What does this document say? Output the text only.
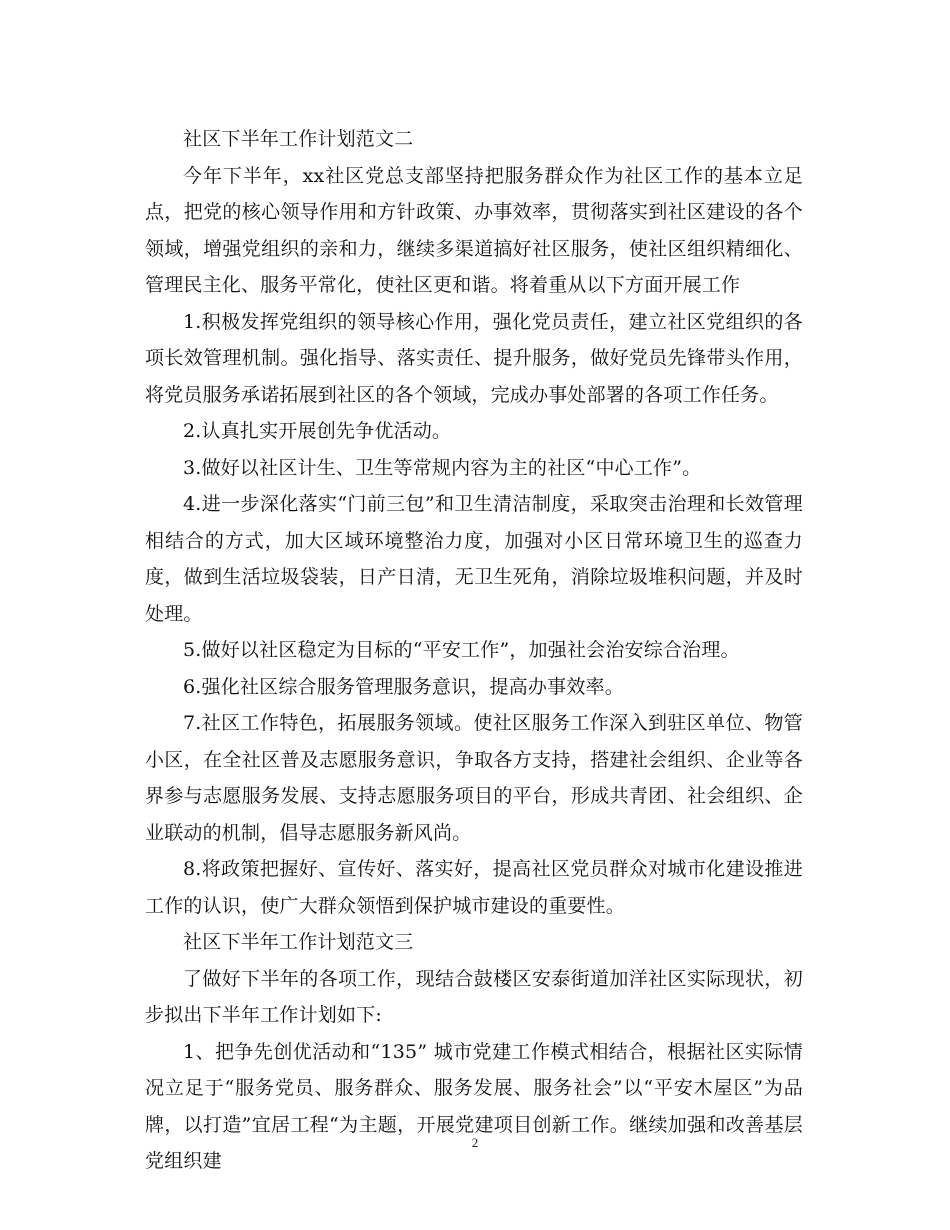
社区下半年工作计划范文二

今年下半年，xx社区党总支部坚持把服务群众作为社区工作的基本立足点，把党的核心领导作用和方针政策、办事效率，贯彻落实到社区建设的各个领域，增强党组织的亲和力，继续多渠道搞好社区服务，使社区组织精细化、管理民主化、服务平常化，使社区更和谐。将着重从以下方面开展工作

1.积极发挥党组织的领导核心作用，强化党员责任，建立社区党组织的各项长效管理机制。强化指导、落实责任、提升服务，做好党员先锋带头作用，将党员服务承诺拓展到社区的各个领域，完成办事处部署的各项工作任务。

2.认真扎实开展创先争优活动。

3.做好以社区计生、卫生等常规内容为主的社区“中心工作”。

4.进一步深化落实“门前三包”和卫生清洁制度，采取突击治理和长效管理相结合的方式，加大区域环境整治力度，加强对小区日常环境卫生的巡查力度，做到生活垃圾袋装，日产日清，无卫生死角，消除垃圾堆积问题，并及时处理。

5.做好以社区稳定为目标的“平安工作”，加强社会治安综合治理。

6.强化社区综合服务管理服务意识，提高办事效率。

7.社区工作特色，拓展服务领域。使社区服务工作深入到驻区单位、物管小区，在全社区普及志愿服务意识，争取各方支持，搭建社会组织、企业等各界参与志愿服务发展、支持志愿服务项目的平台，形成共青团、社会组织、企业联动的机制，倡导志愿服务新风尚。

8.将政策把握好、宣传好、落实好，提高社区党员群众对城市化建设推进工作的认识，使广大群众领悟到保护城市建设的重要性。

社区下半年工作计划范文三

了做好下半年的各项工作，现结合鼓楼区安泰街道加洋社区实际现状，初步拟出下半年工作计划如下:

1、把争先创优活动和“135” 城市党建工作模式相结合，根据社区实际情况立足于“服务党员、服务群众、服务发展、服务社会”以“平安木屋区”为品牌，以打造”宜居工程“为主题，开展党建项目创新工作。继续加强和改善基层党组织建

2
